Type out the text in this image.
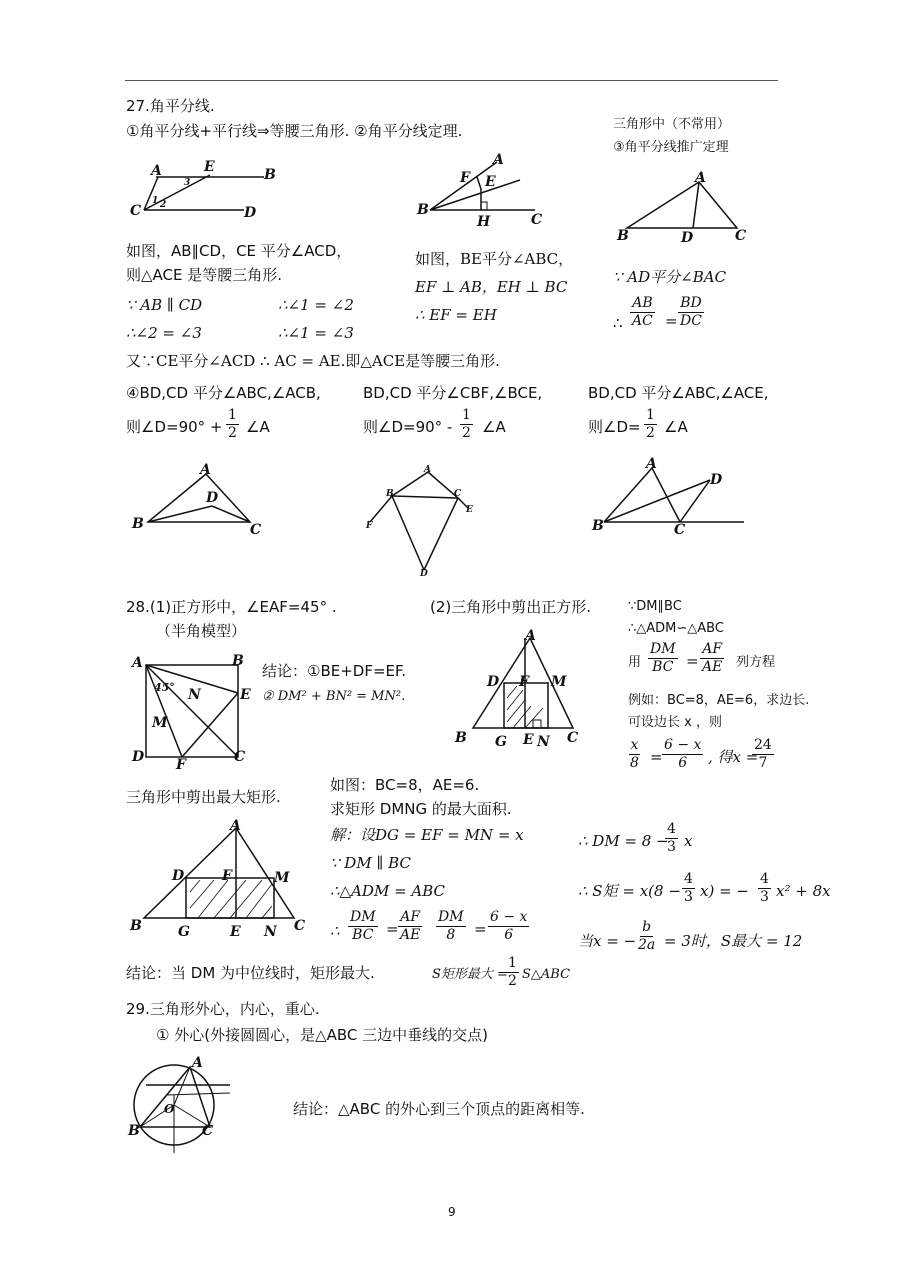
27.角平分线.
①角平分线+平行线⇒等腰三角形. ②角平分线定理.	三角形中（不常用）
③角平分线推广定理
A	E	B
C	D
3
1 2
A
F E
B
H	C
A
B	D	C
如图，AB∥CD，CE 平分∠ACD，
则△ACE 是等腰三角形.
∵ AB ∥ CD	∴∠1 = ∠2
∴∠2 = ∠3	∴∠1 = ∠3
又∵CE平分∠ACD ∴ AC = AE.即△ACE是等腰三角形.
如图，BE平分∠ABC，
EF ⊥ AB，EH ⊥ BC
∴ EF = EH
∵ AD平分∠BAC
∴ $\frac{AB}{AC} = \frac{BD}{DC}$
④BD,CD 平分∠ABC,∠ACB,
则∠D=90° + $\frac{1}{2}$ ∠A
BD,CD 平分∠CBF,∠BCE,
则∠D=90° - $\frac{1}{2}$ ∠A
BD,CD 平分∠ABC,∠ACE,
则∠D= $\frac{1}{2}$ ∠A
A
D
B	C
A
B	C
F
E
D
A
D
B	C
28.(1)正方形中，∠EAF=45° .
（半角模型）
A	B
E
D	C
F
45° N
M
结论：①BE+DF=EF.
② DM² + BN² = MN².
(2)三角形中剪出正方形.	∵DM∥BC
∴△ADM∽△ABC
用 $\frac{DM}{BC} = \frac{AF}{AE}$ 列方程
例如：BC=8，AE=6，求边长.
可设边长 x ，则
$\frac{x}{8} = \frac{6 - x}{6}$ , 得x =
$\frac{24}{7}$
A
D F M
B G E N C
三角形中剪出最大矩形.
如图：BC=8，AE=6.
求矩形 DMNG 的最大面积.
解：设DG = EF = MN = x
∵ DM ∥ BC
∴△ADM = ABC
∴ $\frac{DM}{BC} = \frac{AF}{AE} \frac{DM}{8} = \frac{6 - x}{6}$
A
D	F	M
B	G	E N C
∴ DM = 8 −
$\frac{4}{3}$ x
∴ S矩 = $x(8 - \frac{4}{3} x)$ = − $\frac{4}{3} x^2 + 8x$
当x = − $\frac{b}{2a} = 3$时，S最大 = 12
结论：当 DM 为中位线时，矩形最大.	S矩形最大 =
$\frac{1}{2}$ S△ABC
29.三角形外心，内心，重心.
① 外心(外接圆圆心，是△ABC 三边中垂线的交点)
A
B	C
O	结论：△ABC 的外心到三个顶点的距离相等.
9
